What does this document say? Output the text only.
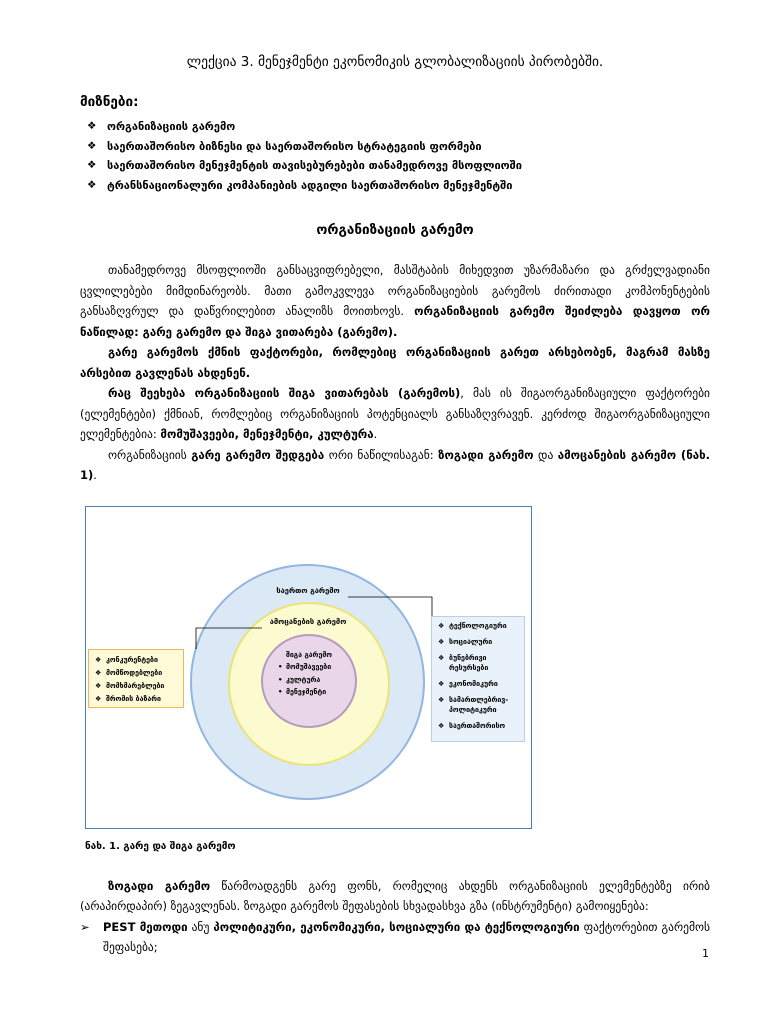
ლექცია 3. მენეჯმენტი ეკონომიკის გლობალიზაციის პირობებში.
მიზნები:
❖
ორგანიზაციის გარემო
❖
საერთაშორისო ბიზნესი და საერთაშორისო სტრატეგიის ფორმები
❖
საერთაშორისო მენეჯმენტის თავისებურებები თანამედროვე მსოფლიოში
❖
ტრანსნაციონალური კომპანიების ადგილი საერთაშორისო მენეჯმენტში
ორგანიზაციის გარემო

თანამედროვე მსოფლიოში განსაცვიფრებელი, მასშტაბის მიხედვით უზარმაზარი და გრძელვადიანი ცვლილებები მიმდინარეობს. მათი გამოკვლევა ორგანიზაციების გარემოს ძირითადი კომპონენტების განსაზღვრულ და დაწვრილებით ანალიზს მოითხოვს. ორგანიზაციის გარემო შეიძლება დავყოთ ორ ნაწილად: გარე გარემო და შიგა ვითარება (გარემო).

გარე გარემოს ქმნის ფაქტორები, რომლებიც ორგანიზაციის გარეთ არსებობენ, მაგრამ მასზე არსებით გავლენას ახდენენ.

რაც შეეხება ორგანიზაციის შიგა ვითარებას (გარემოს), მას ის შიგაორგანიზაციული ფაქტორები (ელემენტები) ქმნიან, რომლებიც ორგანიზაციის პოტენციალს განსაზღვრავენ. კერძოდ შიგაორგანიზაციული ელემენტებია: მომუშავეები, მენეჯმენტი, კულტურა.

ორგანიზაციის გარე გარემო შედგება ორი ნაწილისაგან: ზოგადი გარემო და ამოცანების გარემო (ნახ. 1).

საერთო გარემო
ამოცანების გარემო
შიგა გარემო
•
მომუშავეები
•
კულტურა
•
მენეჯმენტი
❖
კონკურენტები
❖
მომწოდებლები
❖
მომხმარებლები
❖
შრომის ბაზარი
❖
ტექნოლოგიური
❖
სოციალური
❖
ბუნებრივი რესურსები
❖
ეკონომიკური
❖
სამართლებრივ-პოლიტიკური
❖
საერთაშორისო
ნახ. 1. გარე და შიგა გარემო

ზოგადი გარემო წარმოადგენს გარე ფონს, რომელიც ახდენს ორგანიზაციის ელემენტებზე ირიბ (არაპირდაპირ) ზეგავლენას. ზოგადი გარემოს შეფასების სხვადასხვა გზა (ინსტრუმენტი) გამოიყენება:

➢
PEST მეთოდი ანუ პოლიტიკური, ეკონომიკური, სოციალური და ტექნოლოგიური ფაქტორებით გარემოს შეფასება;	1
